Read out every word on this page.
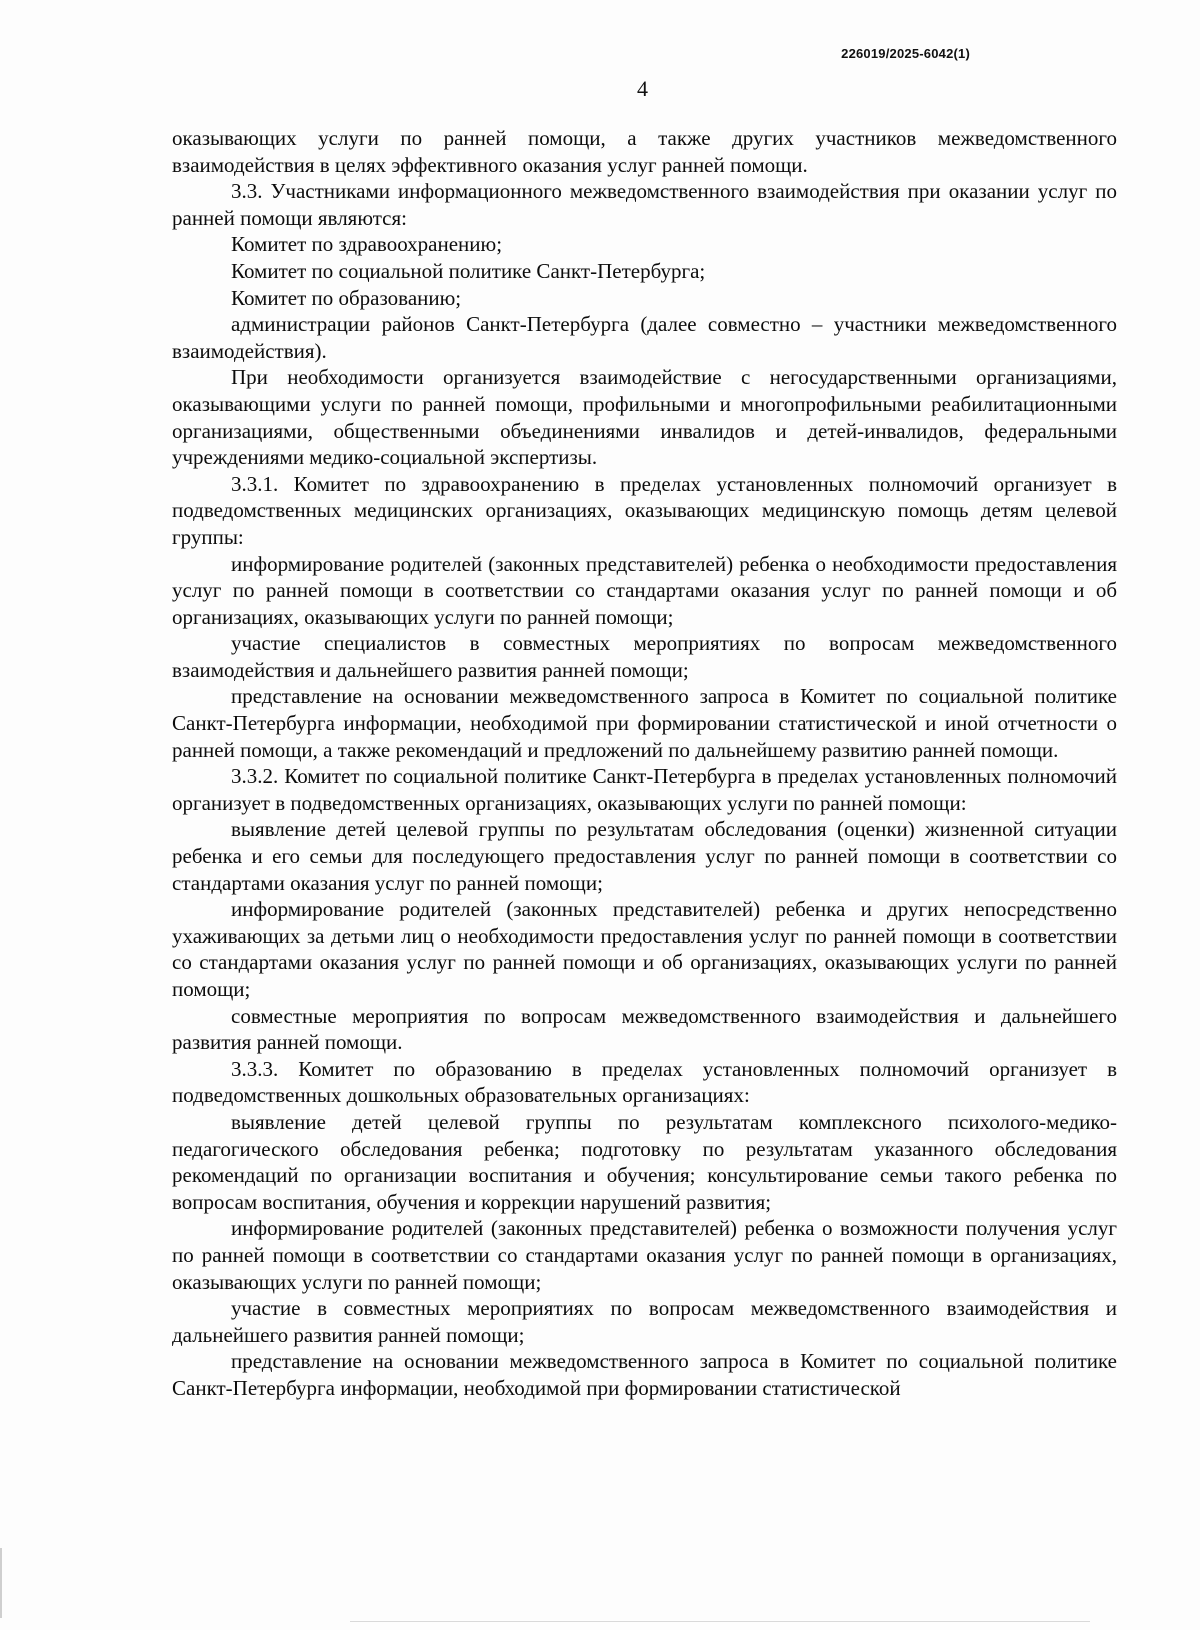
226019/2025-6042(1)
4

оказывающих услуги по ранней помощи, а также других участников межведомственного взаимодействия в целях эффективного оказания услуг ранней помощи.

3.3. Участниками информационного межведомственного взаимодействия при оказании услуг по ранней помощи являются:

Комитет по здравоохранению;

Комитет по социальной политике Санкт-Петербурга;

Комитет по образованию;

администрации районов Санкт-Петербурга (далее совместно – участники межведомственного взаимодействия).

При необходимости организуется взаимодействие с негосударственными организациями, оказывающими услуги по ранней помощи, профильными и многопрофильными реабилитационными организациями, общественными объединениями инвалидов и детей-инвалидов, федеральными учреждениями медико-социальной экспертизы.

3.3.1. Комитет по здравоохранению в пределах установленных полномочий организует в подведомственных медицинских организациях, оказывающих медицинскую помощь детям целевой группы:

информирование родителей (законных представителей) ребенка о необходимости предоставления услуг по ранней помощи в соответствии со стандартами оказания услуг по ранней помощи и об организациях, оказывающих услуги по ранней помощи;

участие специалистов в совместных мероприятиях по вопросам межведомственного взаимодействия и дальнейшего развития ранней помощи;

представление на основании межведомственного запроса в Комитет по социальной политике Санкт-Петербурга информации, необходимой при формировании статистической и иной отчетности о ранней помощи, а также рекомендаций и предложений по дальнейшему развитию ранней помощи.

3.3.2. Комитет по социальной политике Санкт-Петербурга в пределах установленных полномочий организует в подведомственных организациях, оказывающих услуги по ранней помощи:

выявление детей целевой группы по результатам обследования (оценки) жизненной ситуации ребенка и его семьи для последующего предоставления услуг по ранней помощи в соответствии со стандартами оказания услуг по ранней помощи;

информирование родителей (законных представителей) ребенка и других непосредственно ухаживающих за детьми лиц о необходимости предоставления услуг по ранней помощи в соответствии со стандартами оказания услуг по ранней помощи и об организациях, оказывающих услуги по ранней помощи;

совместные мероприятия по вопросам межведомственного взаимодействия и дальнейшего развития ранней помощи.

3.3.3. Комитет по образованию в пределах установленных полномочий организует в подведомственных дошкольных образовательных организациях:

выявление детей целевой группы по результатам комплексного психолого-медико-педагогического обследования ребенка; подготовку по результатам указанного обследования рекомендаций по организации воспитания и обучения; консультирование семьи такого ребенка по вопросам воспитания, обучения и коррекции нарушений развития;

информирование родителей (законных представителей) ребенка о возможности получения услуг по ранней помощи в соответствии со стандартами оказания услуг по ранней помощи в организациях, оказывающих услуги по ранней помощи;

участие в совместных мероприятиях по вопросам межведомственного взаимодействия и дальнейшего развития ранней помощи;

представление на основании межведомственного запроса в Комитет по социальной политике Санкт-Петербурга информации, необходимой при формировании статистической
